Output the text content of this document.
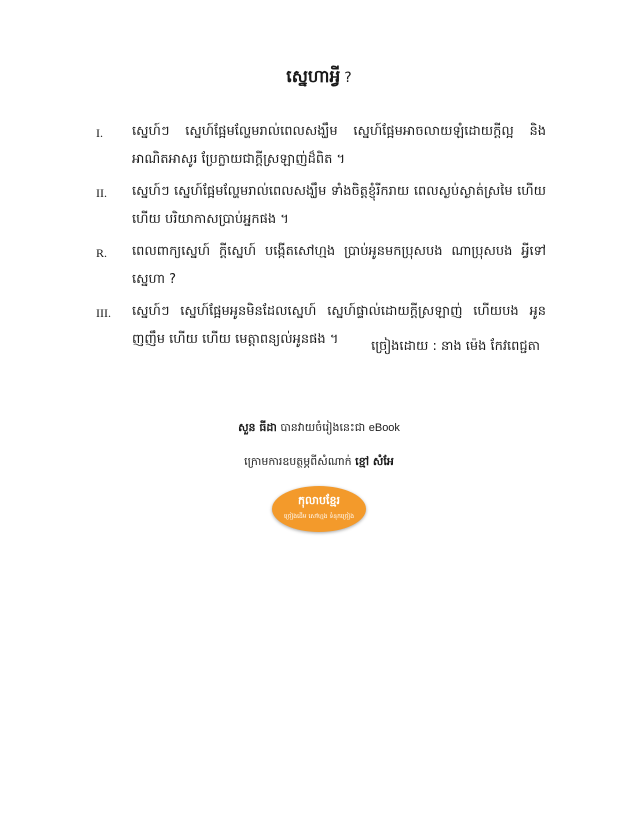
ស្នេហាអ្វី ?
I.	ស្នេហ៍ៗ ស្នេហ៍ផ្អែមល្ហែមរាល់ពេលសង្ឃឹម ស្នេហ៍ផ្អែមអាចលាយឡំដោយក្តីល្អ និងអាណិតអាសូរ ប្រែក្លាយជាក្តីស្រឡាញ់ដ៏ពិត ។
II.	ស្នេហ៍ៗ ស្នេហ៍ផ្អែមល្ហែមរាល់ពេលសង្ឃឹម ទាំងចិត្តខ្ញុំរីករាយ ពេលស្ងប់ស្ងាត់ស្រមៃ ហើយ ហើយ បរិយាកាសប្រាប់អ្នកផង ។
R.	ពេលពាក្យស្នេហ៍ ក្តីស្នេហ៍ បង្កើតសៅហ្មង ប្រាប់អូនមកប្រុសបង ណាប្រុសបង អ្វីទៅស្នេហា ?
III.	ស្នេហ៍ៗ ស្នេហ៍ផ្អែមអូនមិនដែលស្នេហ៍ ស្នេហ៍ផ្ទាល់ដោយក្តីស្រឡាញ់ ហើយបង អូនញញឹម ហើយ ហើយ មេត្តាពន្យល់អូនផង ។	ច្រៀងដោយ : នាង ម៉េង កែវពេជ្ជតា
សួន ធីដា បានវាយចំរៀងនេះជា eBook
ក្រោមការឧបត្ថម្ភពីសំណាក់ ខ្មៅ សំអែ
កុលាបខ្មែរ
ច្រៀងដើម សៅហ្មង ទំនុកច្រៀង
